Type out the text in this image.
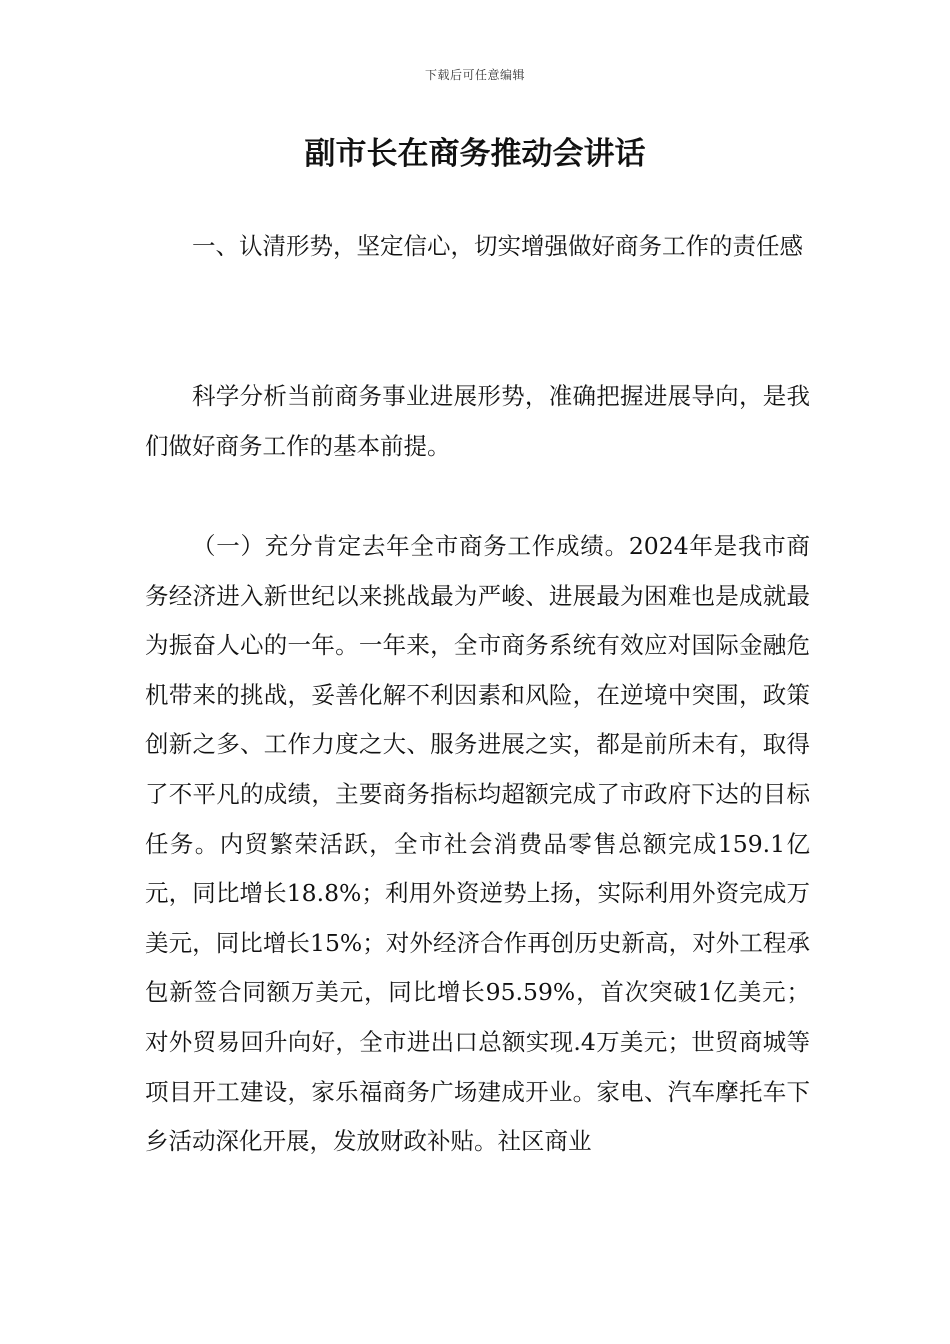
下载后可任意编辑
副市长在商务推动会讲话

一、认清形势，坚定信心，切实增强做好商务工作的责任感

科学分析当前商务事业进展形势，准确把握进展导向，是我们做好商务工作的基本前提。

（一）充分肯定去年全市商务工作成绩。2024年是我市商务经济进入新世纪以来挑战最为严峻、进展最为困难也是成就最为振奋人心的一年。一年来，全市商务系统有效应对国际金融危机带来的挑战，妥善化解不利因素和风险，在逆境中突围，政策创新之多、工作力度之大、服务进展之实，都是前所未有，取得了不平凡的成绩，主要商务指标均超额完成了市政府下达的目标任务。内贸繁荣活跃，全市社会消费品零售总额完成159.1亿元，同比增长18.8%；利用外资逆势上扬，实际利用外资完成万美元，同比增长15%；对外经济合作再创历史新高，对外工程承包新签合同额万美元，同比增长95.59%，首次突破1亿美元；对外贸易回升向好，全市进出口总额实现.4万美元；世贸商城等项目开工建设，家乐福商务广场建成开业。家电、汽车摩托车下乡活动深化开展，发放财政补贴。社区商业
